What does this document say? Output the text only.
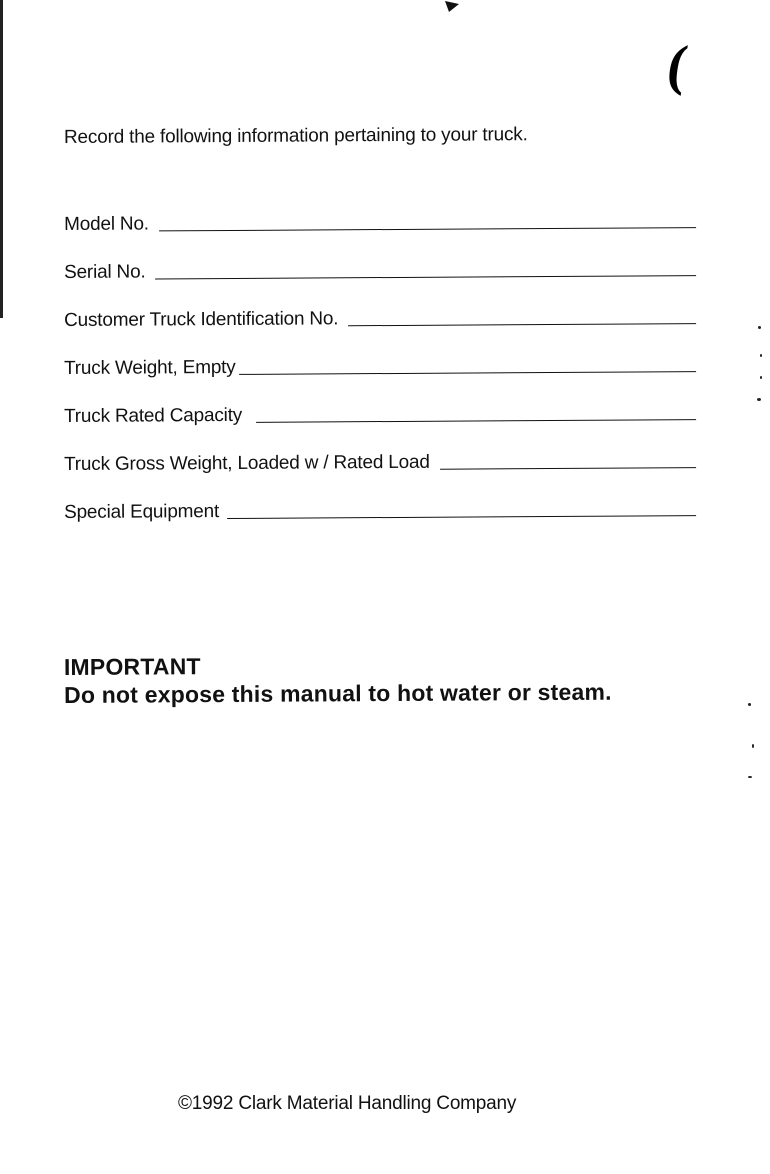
(
Record the following information pertaining to your truck.
Model No.
Serial No.
Customer Truck Identification No.
Truck Weight, Empty
Truck Rated Capacity
Truck Gross Weight, Loaded w / Rated Load
Special Equipment
IMPORTANT
Do not expose this manual to hot water or steam.
©1992 Clark Material Handling Company
